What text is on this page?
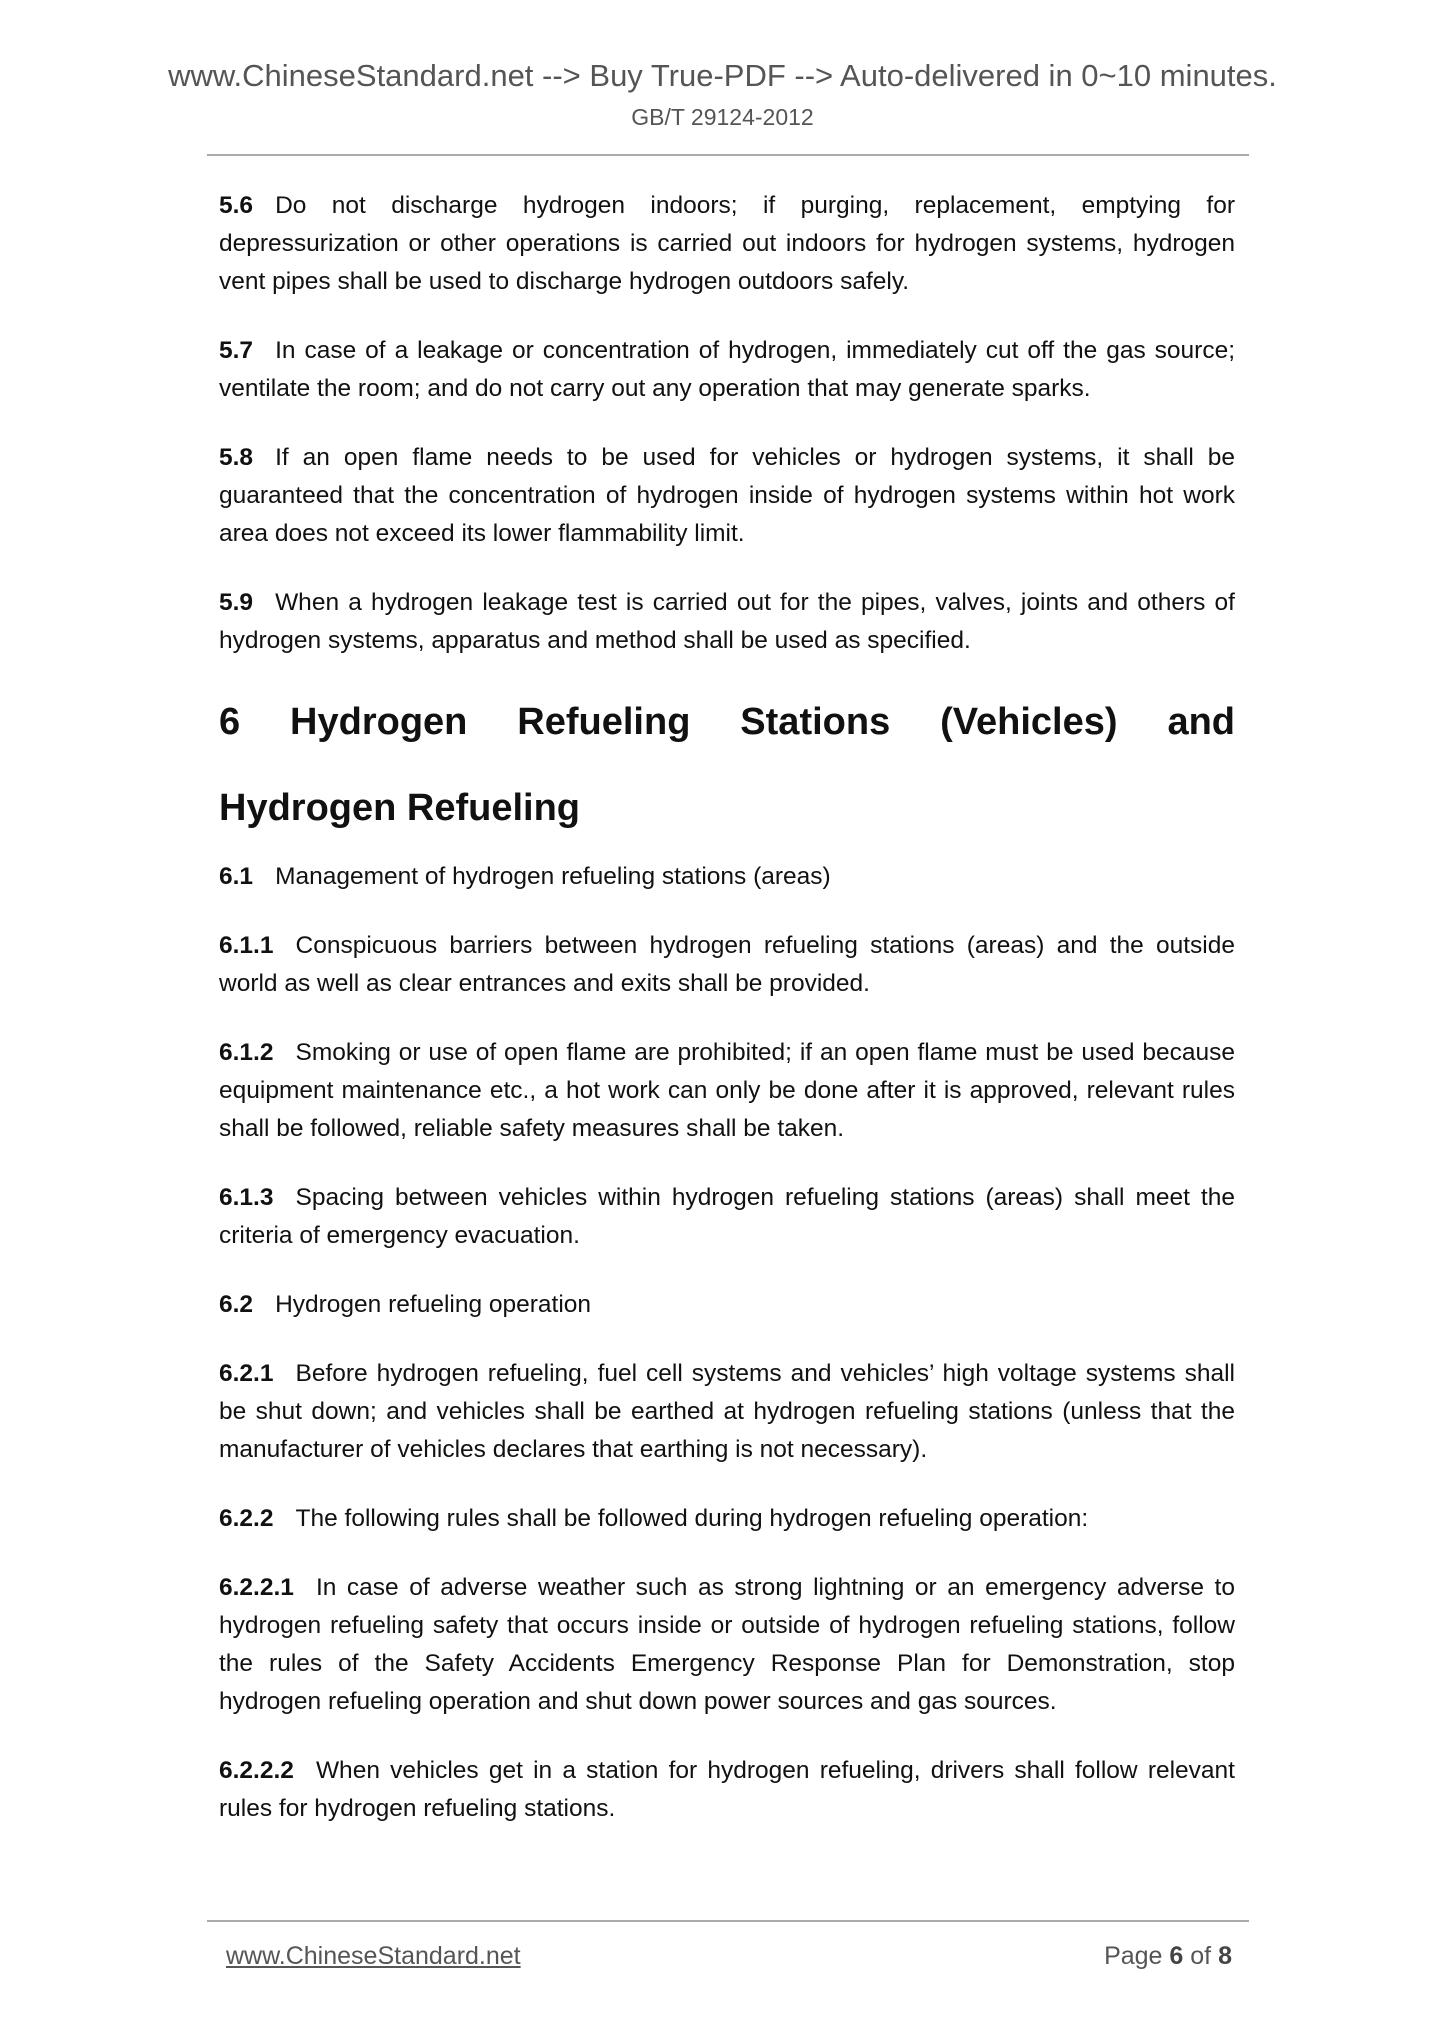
www.ChineseStandard.net --> Buy True-PDF --> Auto-delivered in 0~10 minutes.
GB/T 29124-2012

5.6 Do not discharge hydrogen indoors; if purging, replacement, emptying for depressurization or other operations is carried out indoors for hydrogen systems, hydrogen vent pipes shall be used to discharge hydrogen outdoors safely.

5.7 In case of a leakage or concentration of hydrogen, immediately cut off the gas source; ventilate the room; and do not carry out any operation that may generate sparks.

5.8 If an open flame needs to be used for vehicles or hydrogen systems, it shall be guaranteed that the concentration of hydrogen inside of hydrogen systems within hot work area does not exceed its lower flammability limit.

5.9 When a hydrogen leakage test is carried out for the pipes, valves, joints and others of hydrogen systems, apparatus and method shall be used as specified.

6 Hydrogen Refueling Stations (Vehicles) and
Hydrogen Refueling

6.1 Management of hydrogen refueling stations (areas)

6.1.1 Conspicuous barriers between hydrogen refueling stations (areas) and the outside world as well as clear entrances and exits shall be provided.

6.1.2 Smoking or use of open flame are prohibited; if an open flame must be used because equipment maintenance etc., a hot work can only be done after it is approved, relevant rules shall be followed, reliable safety measures shall be taken.

6.1.3 Spacing between vehicles within hydrogen refueling stations (areas) shall meet the criteria of emergency evacuation.

6.2 Hydrogen refueling operation

6.2.1 Before hydrogen refueling, fuel cell systems and vehicles’ high voltage systems shall be shut down; and vehicles shall be earthed at hydrogen refueling stations (unless that the manufacturer of vehicles declares that earthing is not necessary).

6.2.2 The following rules shall be followed during hydrogen refueling operation:

6.2.2.1 In case of adverse weather such as strong lightning or an emergency adverse to hydrogen refueling safety that occurs inside or outside of hydrogen refueling stations, follow the rules of the Safety Accidents Emergency Response Plan for Demonstration, stop hydrogen refueling operation and shut down power sources and gas sources.

6.2.2.2 When vehicles get in a station for hydrogen refueling, drivers shall follow relevant rules for hydrogen refueling stations.

www.ChineseStandard.net	Page 6 of 8
